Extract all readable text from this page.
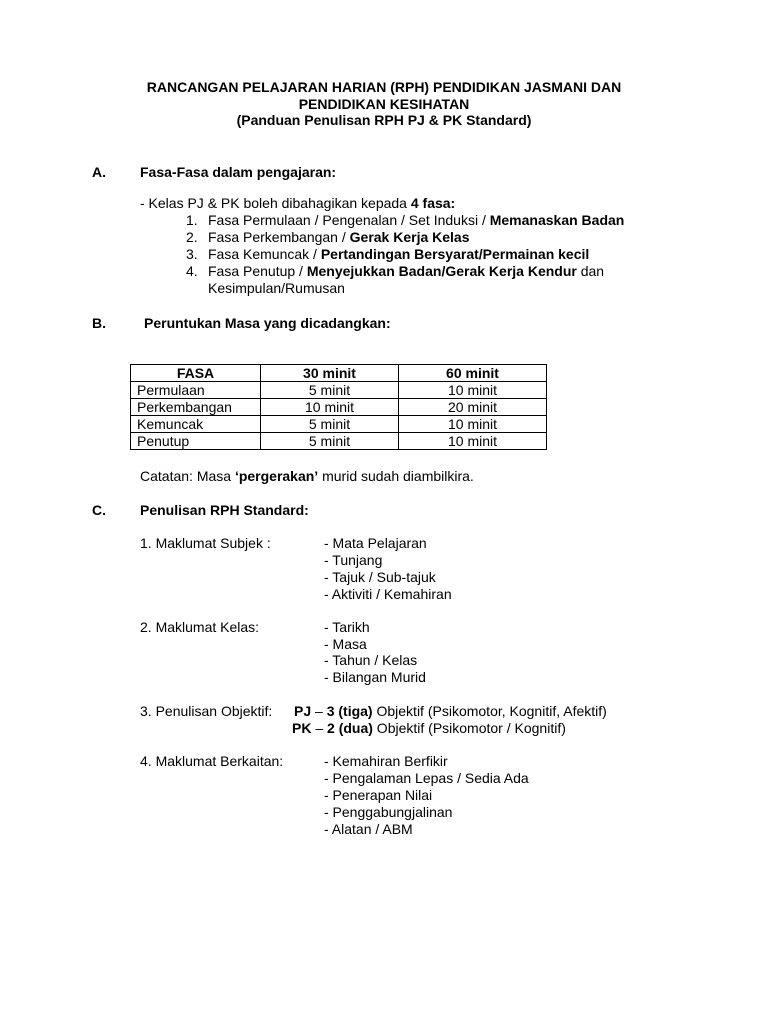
RANCANGAN PELAJARAN HARIAN (RPH) PENDIDIKAN JASMANI DAN
PENDIDIKAN KESIHATAN
(Panduan Penulisan RPH PJ & PK Standard)
A. Fasa-Fasa dalam pengajaran:
- Kelas PJ & PK boleh dibahagikan kepada 4 fasa:
1. Fasa Permulaan / Pengenalan / Set Induksi / Memanaskan Badan
2. Fasa Perkembangan / Gerak Kerja Kelas
3. Fasa Kemuncak / Pertandingan Bersyarat/Permainan kecil
4. Fasa Penutup / Menyejukkan Badan/Gerak Kerja Kendur dan
Kesimpulan/Rumusan
B.	Peruntukan Masa yang dicadangkan:
FASA	30 minit	60 minit
Permulaan	5 minit	10 minit
Perkembangan	10 minit	20 minit
Kemuncak	5 minit	10 minit
Penutup	5 minit	10 minit
Catatan: Masa ‘pergerakan’ murid sudah diambilkira.
C. Penulisan RPH Standard:
1. Maklumat Subjek :	- Mata Pelajaran
- Tunjang
- Tajuk / Sub-tajuk
- Aktiviti / Kemahiran
2. Maklumat Kelas:	- Tarikh
- Masa
- Tahun / Kelas
- Bilangan Murid
3. Penulisan Objektif: PJ – 3 (tiga) Objektif (Psikomotor, Kognitif, Afektif)
PK – 2 (dua) Objektif (Psikomotor / Kognitif)
4. Maklumat Berkaitan:	- Kemahiran Berfikir
- Pengalaman Lepas / Sedia Ada
- Penerapan Nilai
- Penggabungjalinan
- Alatan / ABM
